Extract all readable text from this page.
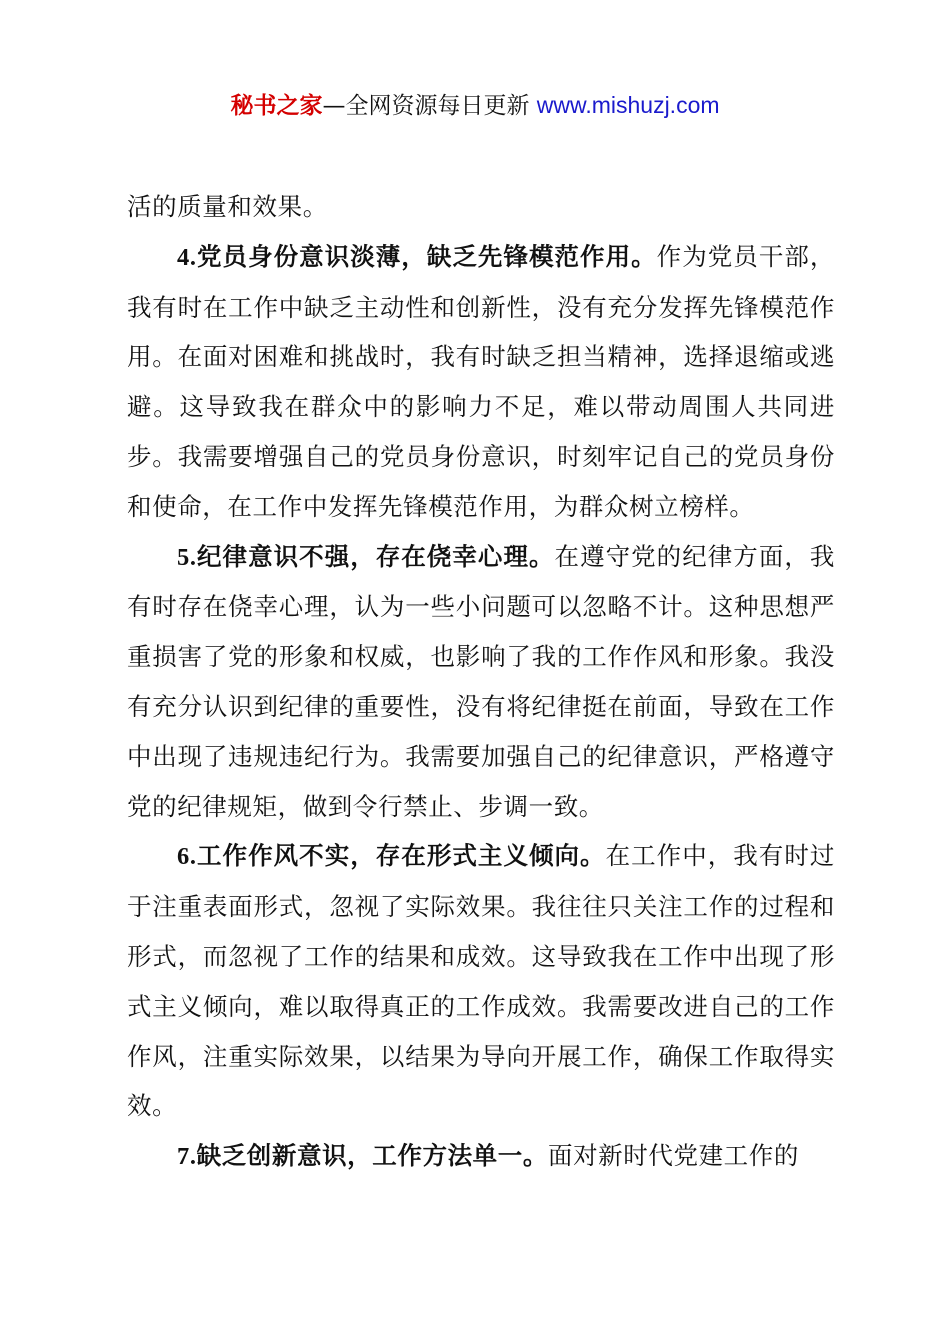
秘书之家—全网资源每日更新 www.mishuzj.com

活的质量和效果。

4.党员身份意识淡薄，缺乏先锋模范作用。作为党员干部，我有时在工作中缺乏主动性和创新性，没有充分发挥先锋模范作用。在面对困难和挑战时，我有时缺乏担当精神，选择退缩或逃避。这导致我在群众中的影响力不足，难以带动周围人共同进步。我需要增强自己的党员身份意识，时刻牢记自己的党员身份和使命，在工作中发挥先锋模范作用，为群众树立榜样。

5.纪律意识不强，存在侥幸心理。在遵守党的纪律方面，我有时存在侥幸心理，认为一些小问题可以忽略不计。这种思想严重损害了党的形象和权威，也影响了我的工作作风和形象。我没有充分认识到纪律的重要性，没有将纪律挺在前面，导致在工作中出现了违规违纪行为。我需要加强自己的纪律意识，严格遵守党的纪律规矩，做到令行禁止、步调一致。

6.工作作风不实，存在形式主义倾向。在工作中，我有时过于注重表面形式，忽视了实际效果。我往往只关注工作的过程和形式，而忽视了工作的结果和成效。这导致我在工作中出现了形式主义倾向，难以取得真正的工作成效。我需要改进自己的工作作风，注重实际效果，以结果为导向开展工作，确保工作取得实效。

7.缺乏创新意识，工作方法单一。面对新时代党建工作的
